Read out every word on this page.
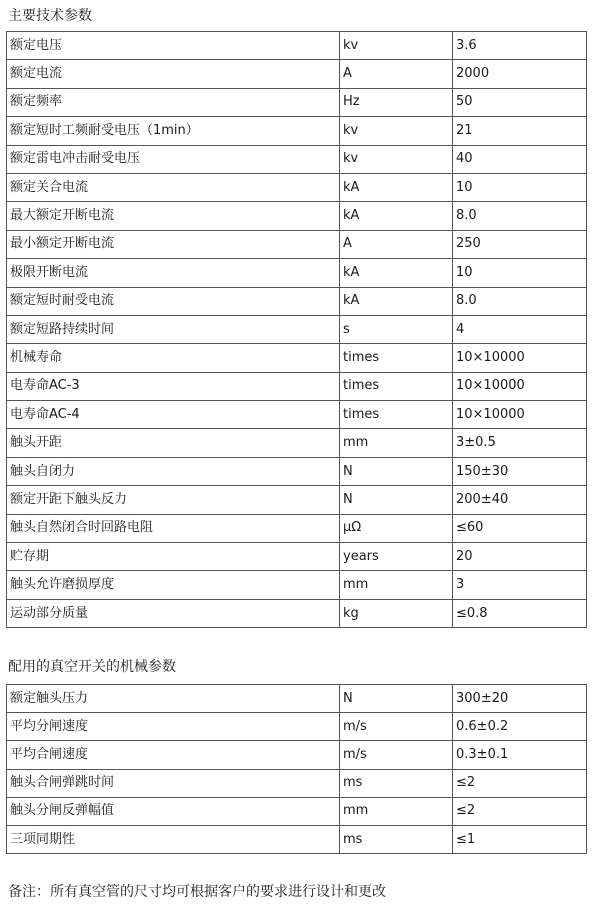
主要技术参数
额定电压	kv	3.6
额定电流	A	2000
额定频率	Hz	50
额定短时工频耐受电压（1min）	kv	21
额定雷电冲击耐受电压	kv	40
额定关合电流	kA	10
最大额定开断电流	kA	8.0
最小额定开断电流	A	250
极限开断电流	kA	10
额定短时耐受电流	kA	8.0
额定短路持续时间	s	4
机械寿命	times	10×10000
电寿命AC-3	times	10×10000
电寿命AC-4	times	10×10000
触头开距	mm	3±0.5
触头自闭力	N	150±30
额定开距下触头反力	N	200±40
触头自然闭合时回路电阻	μΩ	≤60
贮存期	years	20
触头允许磨损厚度	mm	3
运动部分质量	kg	≤0.8
配用的真空开关的机械参数
额定触头压力	N	300±20
平均分闸速度	m/s	0.6±0.2
平均合闸速度	m/s	0.3±0.1
触头合闸弹跳时间	ms	≤2
触头分闸反弹幅值	mm	≤2
三项同期性	ms	≤1
备注：所有真空管的尺寸均可根据客户的要求进行设计和更改
